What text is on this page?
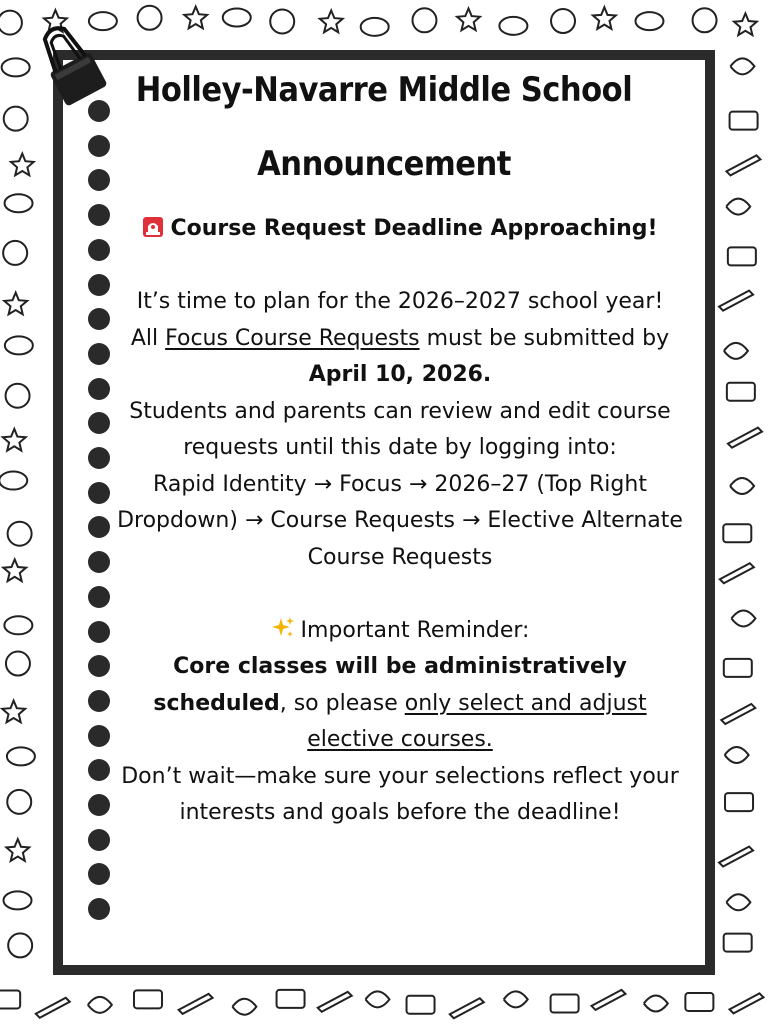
Holley-Navarre Middle School
Announcement

Course Request Deadline Approaching!

It’s time to plan for the 2026–2027 school year!

All Focus Course Requests must be submitted by April 10, 2026.

Students and parents can review and edit course requests until this date by logging into:

Rapid Identity → Focus → 2026–27 (Top Right Dropdown) → Course Requests → Elective Alternate Course Requests

Important Reminder:

Core classes will be administratively scheduled, so please only select and adjust elective courses.

Don’t wait—make sure your selections reflect your interests and goals before the deadline!
